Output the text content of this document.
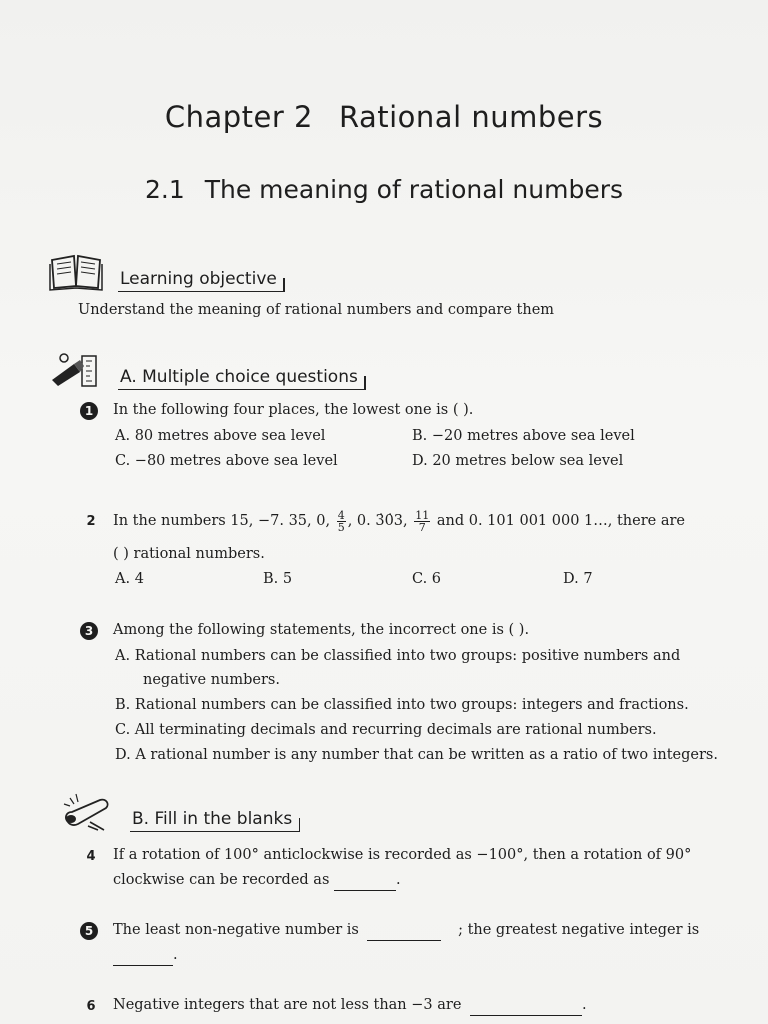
Chapter 2 Rational numbers
2.1 The meaning of rational numbers
Learning objective
Understand the meaning of rational numbers and compare them
A. Multiple choice questions
1	In the following four places, the lowest one is ( ).
A. 80 metres above sea level	B. −20 metres above sea level
C. −80 metres above sea level	D. 20 metres below sea level
2	In the numbers 15, −7. 35, 0, $\frac{4}{5}$ , 0. 3̇0̇3, $\frac{11}{7}$ and 0. 101 001 000 1…, there are
( ) rational numbers.
A. 4	B. 5	C. 6	D. 7
3	Among the following statements, the incorrect one is ( ).
A. Rational numbers can be classified into two groups: positive numbers and
negative numbers.
B. Rational numbers can be classified into two groups: integers and fractions.
C. All terminating decimals and recurring decimals are rational numbers.
D. A rational number is any number that can be written as a ratio of two integers.
B. Fill in the blanks
4	If a rotation of 100° anticlockwise is recorded as −100°, then a rotation of 90°
clockwise can be recorded as	.
5	The least non-negative number is	; the greatest negative integer is
.
6	Negative integers that are not less than −3 are	.
